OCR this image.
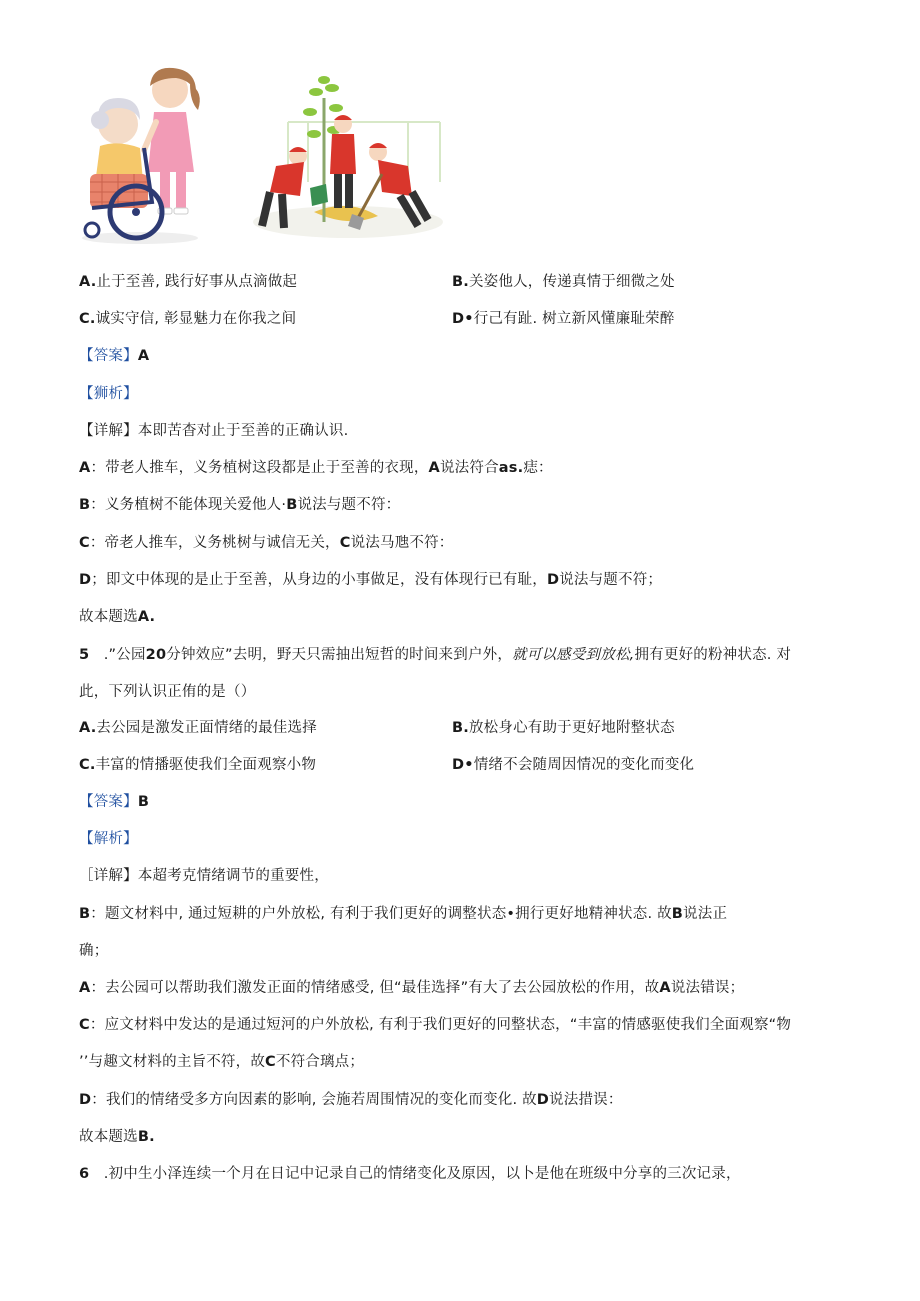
A.止于至善, 践行好事从点滴做起	B.关姿他人，传递真情于细微之处
C.诚实守信, 彰显魅力在你我之间	D•行己有趾. 树立新风懂廉耻荣醉
【答案】A
【狮析】
【详解】本即苦杳对止于至善的正确认识.
A：带老人推车，义务植树这段都是止于至善的衣现，A说法符合as.痣：
B：义务植树不能体现关爱他人·B说法与题不符：
C：帝老人推车，义务桃树与诚信无关，C说法马虺不符：
D；即文中体现的是止于至善，从身边的小事做足，没有体现行已有耻，D说法与题不符；
故本题选A.
5 .”公园20分钟效应”去明，野天只需抽出短哲的时间来到户外，就可以感受到放松,拥有更好的粉神状态. 对
此，下列认识正侑的是（）
A.去公园是激发正面情绪的最佳选择	B.放松身心有助于更好地附整状态
C.丰富的情播驱使我们全面观察小物	D•情绪不会随周因情况的变化而变化
【答案】B
【解析】
［详解】本超考克情绪调节的重要性，
B：题文材料中, 通过短耕的户外放松, 有利于我们更好的调整状态•拥行更好地精神状态. 故B说法正
确；
A：去公园可以帮助我们激发正面的情绪感受, 但“最佳选择”有大了去公园放松的作用，故A说法错误；
C：应文材料中发达的是通过短河的户外放松, 有利于我们更好的冋整状态，“丰富的情感驱使我们全面观察“物
’’与趣文材料的主旨不符，故C不符合璃点；
D：我们的情绪受多方向因素的影响, 会施若周围情况的变化而变化. 故D说法措误：
故本题选B.
6 .初中生小泽连续一个月在日记中记录自己的情绪变化及原因，以卜是他在班级中分享的三次记录，
